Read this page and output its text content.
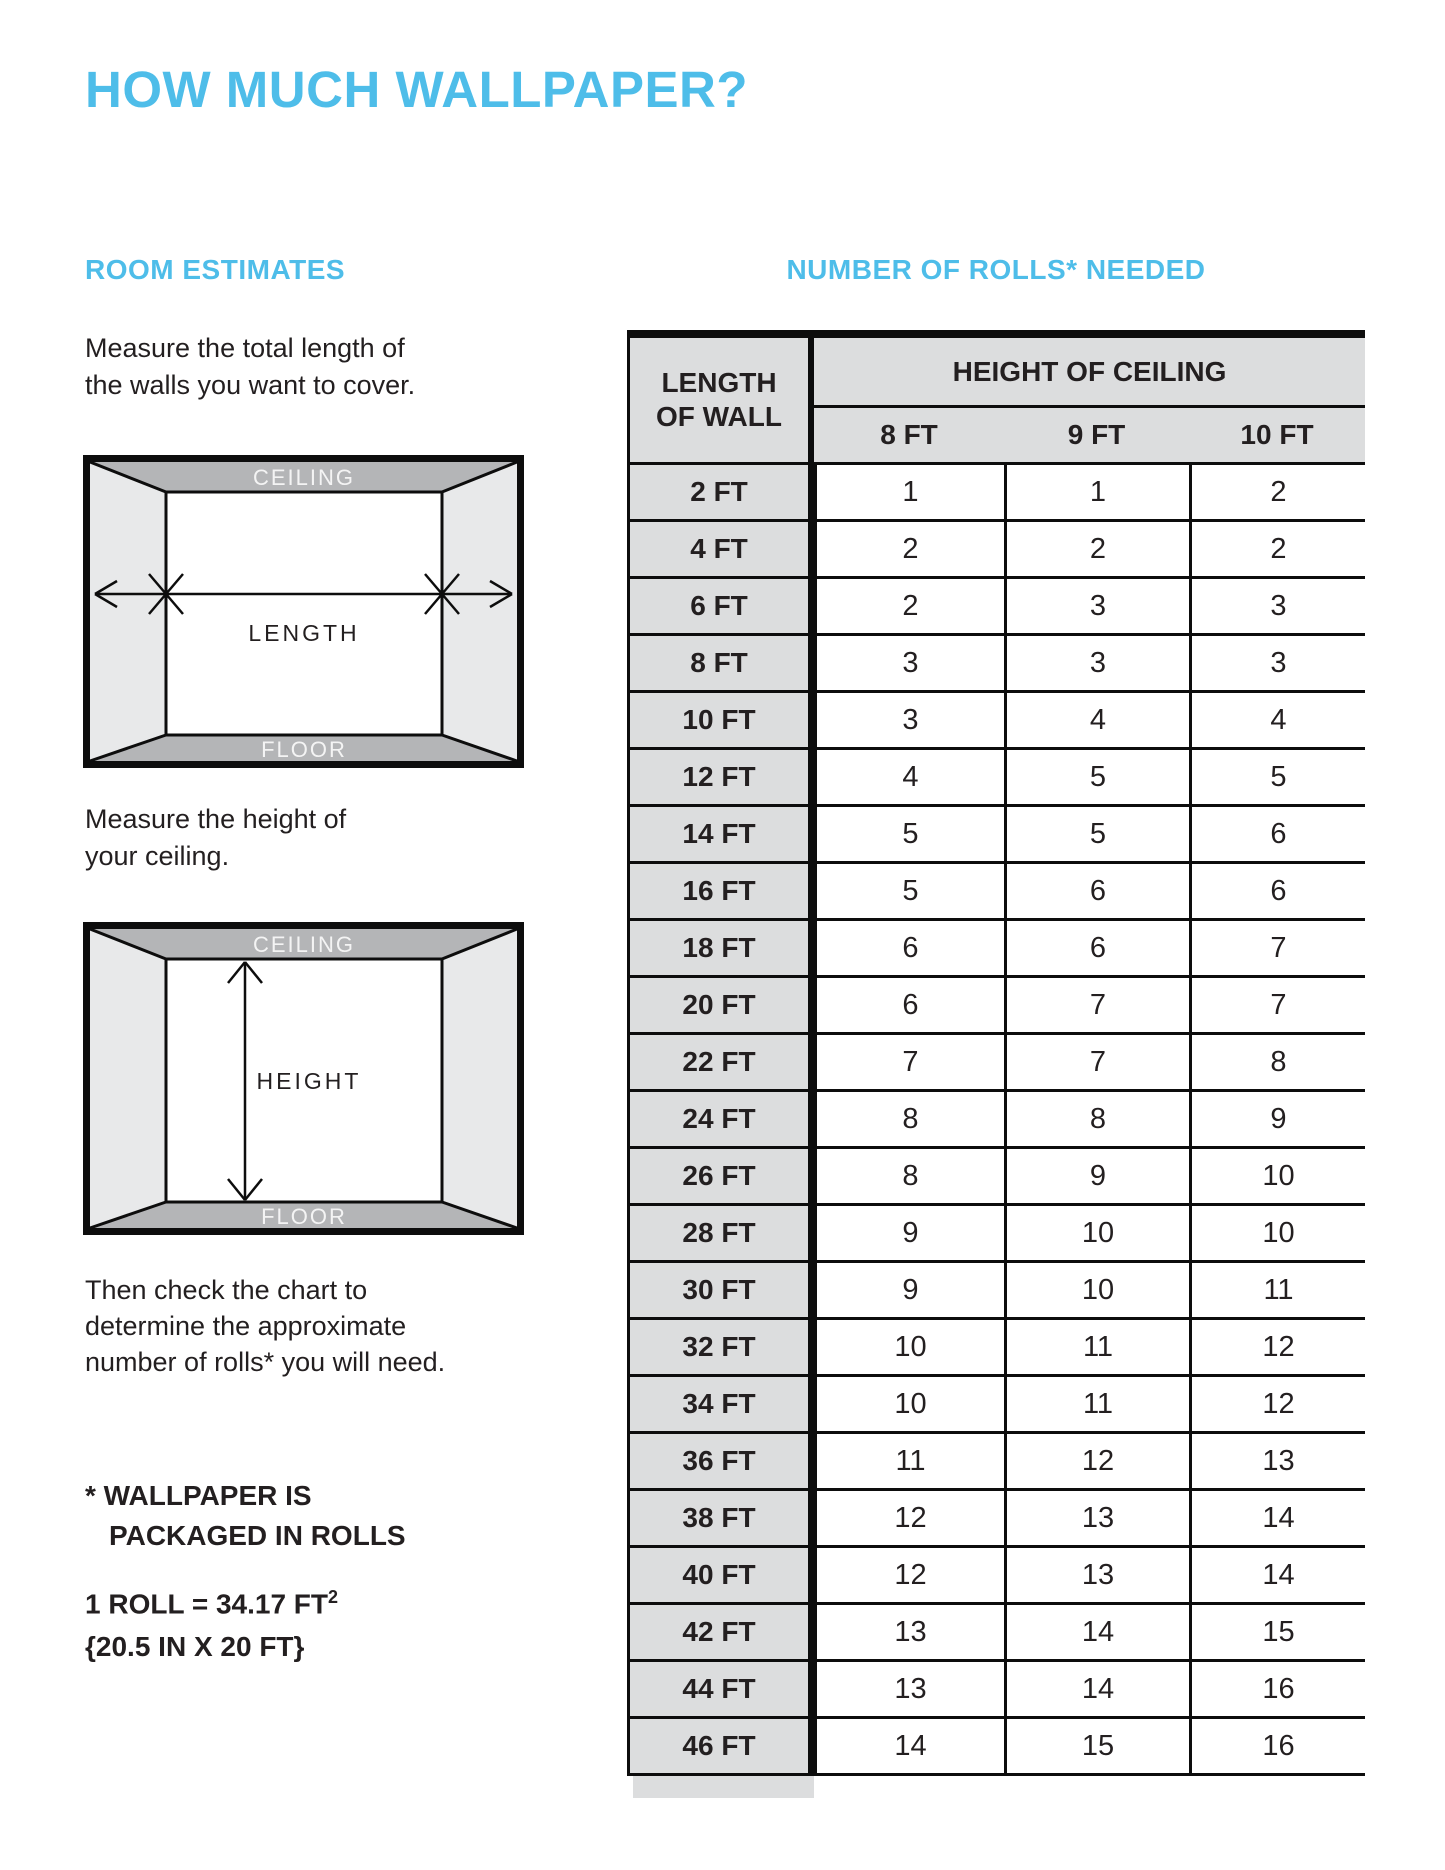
HOW MUCH WALLPAPER?
ROOM ESTIMATES
Measure the total length of
the walls you want to cover.
CEILING
FLOOR
LENGTH
Measure the height of
your ceiling.
CEILING
FLOOR
HEIGHT
Then check the chart to
determine the approximate
number of rolls* you will need.
* WALLPAPER IS
PACKAGED IN ROLLS
1 ROLL = 34.17 $FT^2$
{20.5 IN X 20 FT}
NUMBER OF ROLLS* NEEDED
LENGTH
OF WALL
HEIGHT OF CEILING
8 FT	9 FT	10 FT
2 FT	1	1	2
4 FT	2	2	2
6 FT	2	3	3
8 FT	3	3	3
10 FT	3	4	4
12 FT	4	5	5
14 FT	5	5	6
16 FT	5	6	6
18 FT	6	6	7
20 FT	6	7	7
22 FT	7	7	8
24 FT	8	8	9
26 FT	8	9	10
28 FT	9	10	10
30 FT	9	10	11
32 FT	10	11	12
34 FT	10	11	12
36 FT	11	12	13
38 FT	12	13	14
40 FT	12	13	14
42 FT	13	14	15
44 FT	13	14	16
46 FT	14	15	16
